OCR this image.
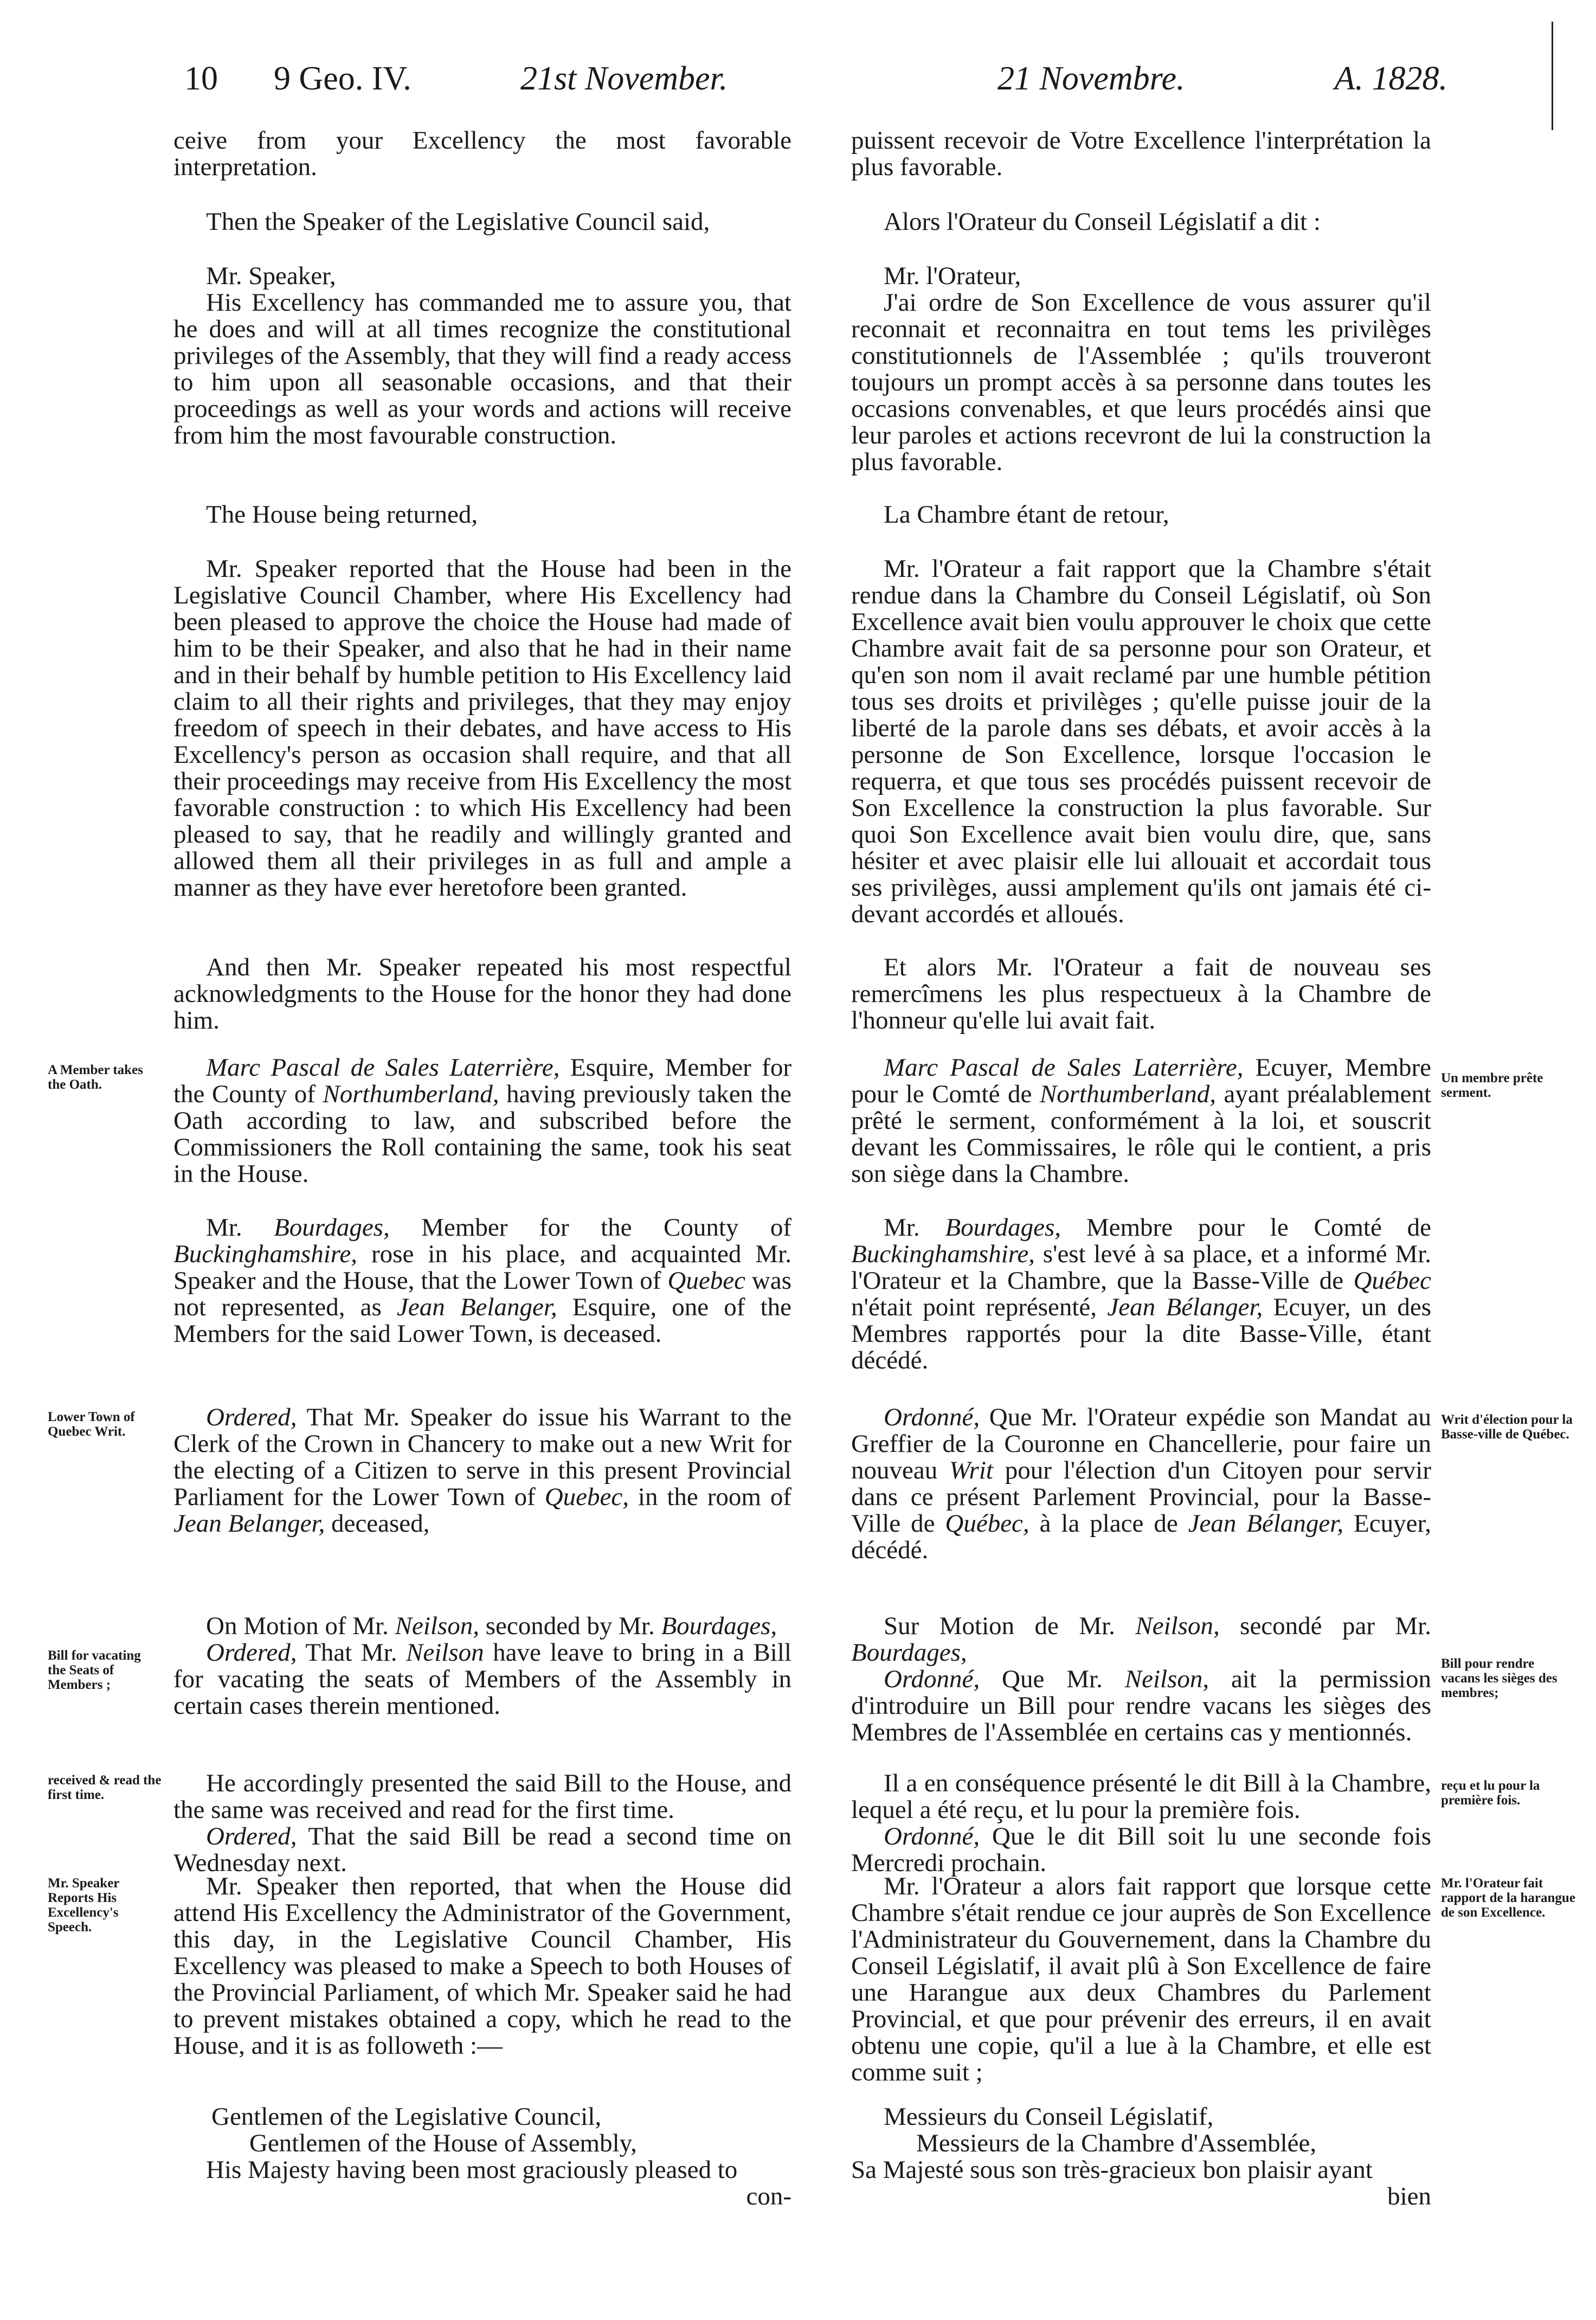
10 9 Geo. IV.	21st November.	21 Novembre.	A. 1828.

ceive from your Excellency the most favorable interpretation.

Then the Speaker of the Legislative Council said,

Mr. Speaker,

His Excellency has commanded me to assure you, that he does and will at all times recognize the constitutional privileges of the Assembly, that they will find a ready access to him upon all seasonable occasions, and that their proceedings as well as your words and actions will receive from him the most favourable construction.

The House being returned,

Mr. Speaker reported that the House had been in the Legislative Council Chamber, where His Excellency had been pleased to approve the choice the House had made of him to be their Speaker, and also that he had in their name and in their behalf by humble petition to His Excellency laid claim to all their rights and privileges, that they may enjoy freedom of speech in their debates, and have access to His Excellency's person as occasion shall require, and that all their proceedings may receive from His Excellency the most favorable construction : to which His Excellency had been pleased to say, that he readily and willingly granted and allowed them all their privileges in as full and ample a manner as they have ever heretofore been granted.

And then Mr. Speaker repeated his most respectful acknowledgments to the House for the honor they had done him.

Marc Pascal de Sales Laterrière, Esquire, Member for the County of Northumberland, having previously taken the Oath according to law, and subscribed before the Commissioners the Roll containing the same, took his seat in the House.

Mr. Bourdages, Member for the County of Buckinghamshire, rose in his place, and acquainted Mr. Speaker and the House, that the Lower Town of Quebec was not represented, as Jean Belanger, Esquire, one of the Members for the said Lower Town, is deceased.

Ordered, That Mr. Speaker do issue his Warrant to the Clerk of the Crown in Chancery to make out a new Writ for the electing of a Citizen to serve in this present Provincial Parliament for the Lower Town of Quebec, in the room of Jean Belanger, deceased,

On Motion of Mr. Neilson, seconded by Mr. Bourdages,

Ordered, That Mr. Neilson have leave to bring in a Bill for vacating the seats of Members of the Assembly in certain cases therein mentioned.

He accordingly presented the said Bill to the House, and the same was received and read for the first time.

Ordered, That the said Bill be read a second time on Wednesday next.

Mr. Speaker then reported, that when the House did attend His Excellency the Administrator of the Government, this day, in the Legislative Council Chamber, His Excellency was pleased to make a Speech to both Houses of the Provincial Parliament, of which Mr. Speaker said he had to prevent mistakes obtained a copy, which he read to the House, and it is as followeth :—

Gentlemen of the Legislative Council,

Gentlemen of the House of Assembly,

His Majesty having been most graciously pleased to

con-

puissent recevoir de Votre Excellence l'interprétation la plus favorable.

Alors l'Orateur du Conseil Législatif a dit :

Mr. l'Orateur,

J'ai ordre de Son Excellence de vous assurer qu'il reconnait et reconnaitra en tout tems les privilèges constitutionnels de l'Assemblée ; qu'ils trouveront toujours un prompt accès à sa personne dans toutes les occasions convenables, et que leurs procédés ainsi que leur paroles et actions recevront de lui la construction la plus favorable.

La Chambre étant de retour,

Mr. l'Orateur a fait rapport que la Chambre s'était rendue dans la Chambre du Conseil Législatif, où Son Excellence avait bien voulu approuver le choix que cette Chambre avait fait de sa personne pour son Orateur, et qu'en son nom il avait reclamé par une humble pétition tous ses droits et privilèges ; qu'elle puisse jouir de la liberté de la parole dans ses débats, et avoir accès à la personne de Son Excellence, lorsque l'occasion le requerra, et que tous ses procédés puissent recevoir de Son Excellence la construction la plus favorable. Sur quoi Son Excellence avait bien voulu dire, que, sans hésiter et avec plaisir elle lui allouait et accordait tous ses privilèges, aussi amplement qu'ils ont jamais été ci-devant accordés et alloués.

Et alors Mr. l'Orateur a fait de nouveau ses remercîmens les plus respectueux à la Chambre de l'honneur qu'elle lui avait fait.

Marc Pascal de Sales Laterrière, Ecuyer, Membre pour le Comté de Northumberland, ayant préalablement prêté le serment, conformément à la loi, et souscrit devant les Commissaires, le rôle qui le contient, a pris son siège dans la Chambre.

Mr. Bourdages, Membre pour le Comté de Buckinghamshire, s'est levé à sa place, et a informé Mr. l'Orateur et la Chambre, que la Basse-Ville de Québec n'était point représenté, Jean Bélanger, Ecuyer, un des Membres rapportés pour la dite Basse-Ville, étant décédé.

Ordonné, Que Mr. l'Orateur expédie son Mandat au Greffier de la Couronne en Chancellerie, pour faire un nouveau Writ pour l'élection d'un Citoyen pour servir dans ce présent Parlement Provincial, pour la Basse-Ville de Québec, à la place de Jean Bélanger, Ecuyer, décédé.

Sur Motion de Mr. Neilson, secondé par Mr. Bourdages,

Ordonné, Que Mr. Neilson, ait la permission d'introduire un Bill pour rendre vacans les sièges des Membres de l'Assemblée en certains cas y mentionnés.

Il a en conséquence présenté le dit Bill à la Chambre, lequel a été reçu, et lu pour la première fois.

Ordonné, Que le dit Bill soit lu une seconde fois Mercredi prochain.

Mr. l'Orateur a alors fait rapport que lorsque cette Chambre s'était rendue ce jour auprès de Son Excellence l'Administrateur du Gouvernement, dans la Chambre du Conseil Législatif, il avait plû à Son Excellence de faire une Harangue aux deux Chambres du Parlement Provincial, et que pour prévenir des erreurs, il en avait obtenu une copie, qu'il a lue à la Chambre, et elle est comme suit ;

Messieurs du Conseil Législatif,

Messieurs de la Chambre d'Assemblée,

Sa Majesté sous son très-gracieux bon plaisir ayant

bien

A Member takes the Oath.
Lower Town of Quebec Writ.
Bill for vacating the Seats of Members ;
received & read the first time.
Mr. Speaker Reports His Excellency's Speech.
Un membre prête serment.
Writ d'élection pour la Basse-ville de Québec.
Bill pour rendre vacans les sièges des membres;
reçu et lu pour la première fois.
Mr. l'Orateur fait rapport de la harangue de son Excellence.
